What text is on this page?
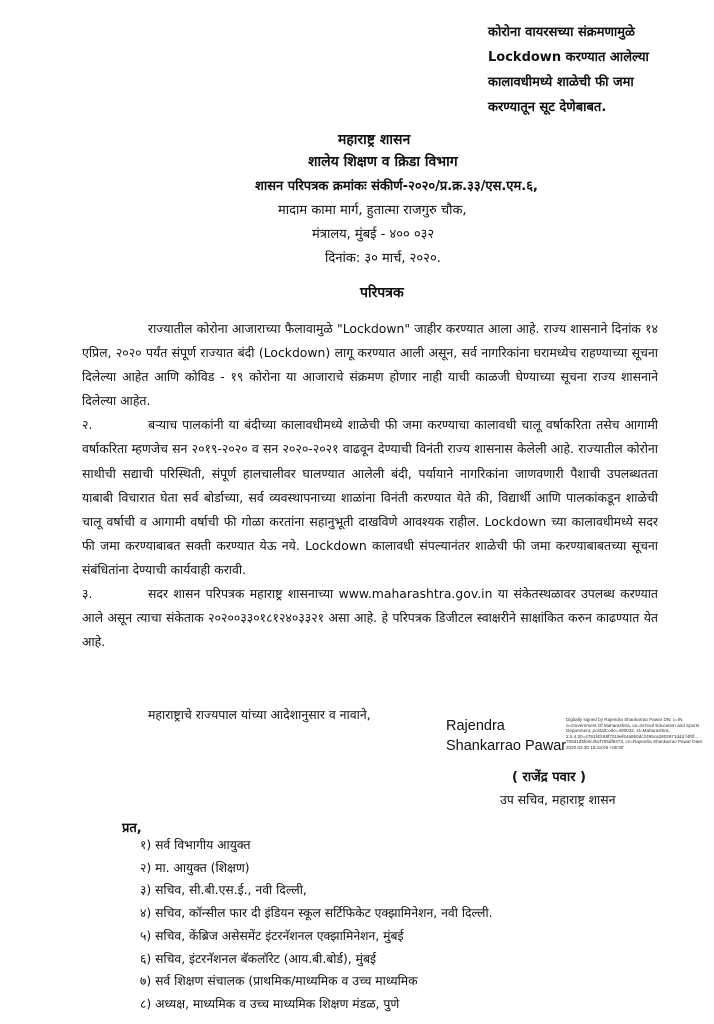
कोरोना वायरसच्या संक्रमणामुळे
Lockdown करण्यात आलेल्या
कालावधीमध्ये शाळेची फी जमा
करण्यातून सूट देणेबाबत.
महाराष्ट्र शासन
शालेय शिक्षण व क्रिडा विभाग
शासन परिपत्रक क्रमांकः संकीर्ण-२०२०/प्र.क्र.३३/एस.एम.६,
मादाम कामा मार्ग, हुतात्मा राजगुरु चौक,
मंत्रालय, मुंबई - ४०० ०३२
दिनांक: ३० मार्च, २०२०.
परिपत्रक

राज्यातील कोरोना आजाराच्या फैलावामुळे "Lockdown" जाहीर करण्यात आला आहे. राज्य शासनाने दिनांक १४ एप्रिल, २०२० पर्यंत संपूर्ण राज्यात बंदी (Lockdown) लागू करण्यात आली असून, सर्व नागरिकांना घरामध्येच राहण्याच्या सूचना दिलेल्या आहेत आणि कोविड - १९ कोरोना या आजाराचे संक्रमण होणार नाही याची काळजी घेण्याच्या सूचना राज्य शासनाने दिलेल्या आहेत.

२.	बऱ्याच पालकांनी या बंदीच्या कालावधीमध्ये शाळेची फी जमा करण्याचा कालावधी चालू वर्षाकरिता तसेच आगामी वर्षाकरिता म्हणजेच सन २०१९-२०२० व सन २०२०-२०२१ वाढवून देण्याची विनंती राज्य शासनास केलेली आहे. राज्यातील कोरोना साथीची सद्याची परिस्थिती, संपूर्ण हालचालीवर घालण्यात आलेली बंदी, पर्यायाने नागरिकांना जाणवणारी पैशाची उपलब्धतता याबाबी विचारात घेता सर्व बोर्डाच्या, सर्व व्यवस्थापनाच्या शाळांना विनंती करण्यात येते की, विद्यार्थी आणि पालकांकडून शाळेची चालू वर्षाची व आगामी वर्षाची फी गोळा करतांना सहानुभूती दाखविणे आवश्यक राहील. Lockdown च्या कालावधीमध्ये सदर फी जमा करण्याबाबत सक्ती करण्यात येऊ नये. Lockdown कालावधी संपल्यानंतर शाळेची फी जमा करण्याबाबतच्या सूचना संबंधितांना देण्याची कार्यवाही करावी.

३.	सदर शासन परिपत्रक महाराष्ट्र शासनाच्या www.maharashtra.gov.in या संकेतस्थळावर उपलब्ध करण्यात आले असून त्याचा संकेताक २०२००३३०१८१२४०३३२१ असा आहे. हे परिपत्रक डिजीटल स्वाक्षरीने साक्षांकित करुन काढण्यात येत आहे.

महाराष्ट्राचे राज्यपाल यांच्या आदेशानुसार व नावाने,
Rajendra
Shankarrao Pawar
Digitally signed by Rajendra Shankarrao Pawar DN: c=IN, o=Government Of Maharashtra, ou=School Education and Sports Department, postalCode=400032, st=Maharashtra, 2.5.4.20=4791f4fc88f7019ef64a9b0dc2495ca2802671d4d f4f0f... 755d1d5fe0c45cf755df9373, cn=Rajendra Shankarrao Pawar Date: 2020.03.30 18:18:05 +05'30'
( राजेंद्र पवार )
उप सचिव, महाराष्ट्र शासन
प्रत,
१) सर्व विभागीय आयुक्त
२) मा. आयुक्त (शिक्षण)
३) सचिव, सी.बी.एस.ई., नवी दिल्ली,
४) सचिव, कॉन्सील फार दी इंडियन स्कूल सर्टिफिकेट एक्झामिनेशन, नवी दिल्ली.
५) सचिव, केंब्रिज असेसमेंट इंटरनॅशनल एक्झामिनेशन, मुंबई
६) सचिव, इंटरनॅशनल बॅकलॉरेट (आय.बी.बोर्ड), मुंबई
७) सर्व शिक्षण संचालक (प्राथमिक/माध्यमिक व उच्च माध्यमिक
८) अध्यक्ष, माध्यमिक व उच्च माध्यमिक शिक्षण मंडळ, पुणे
